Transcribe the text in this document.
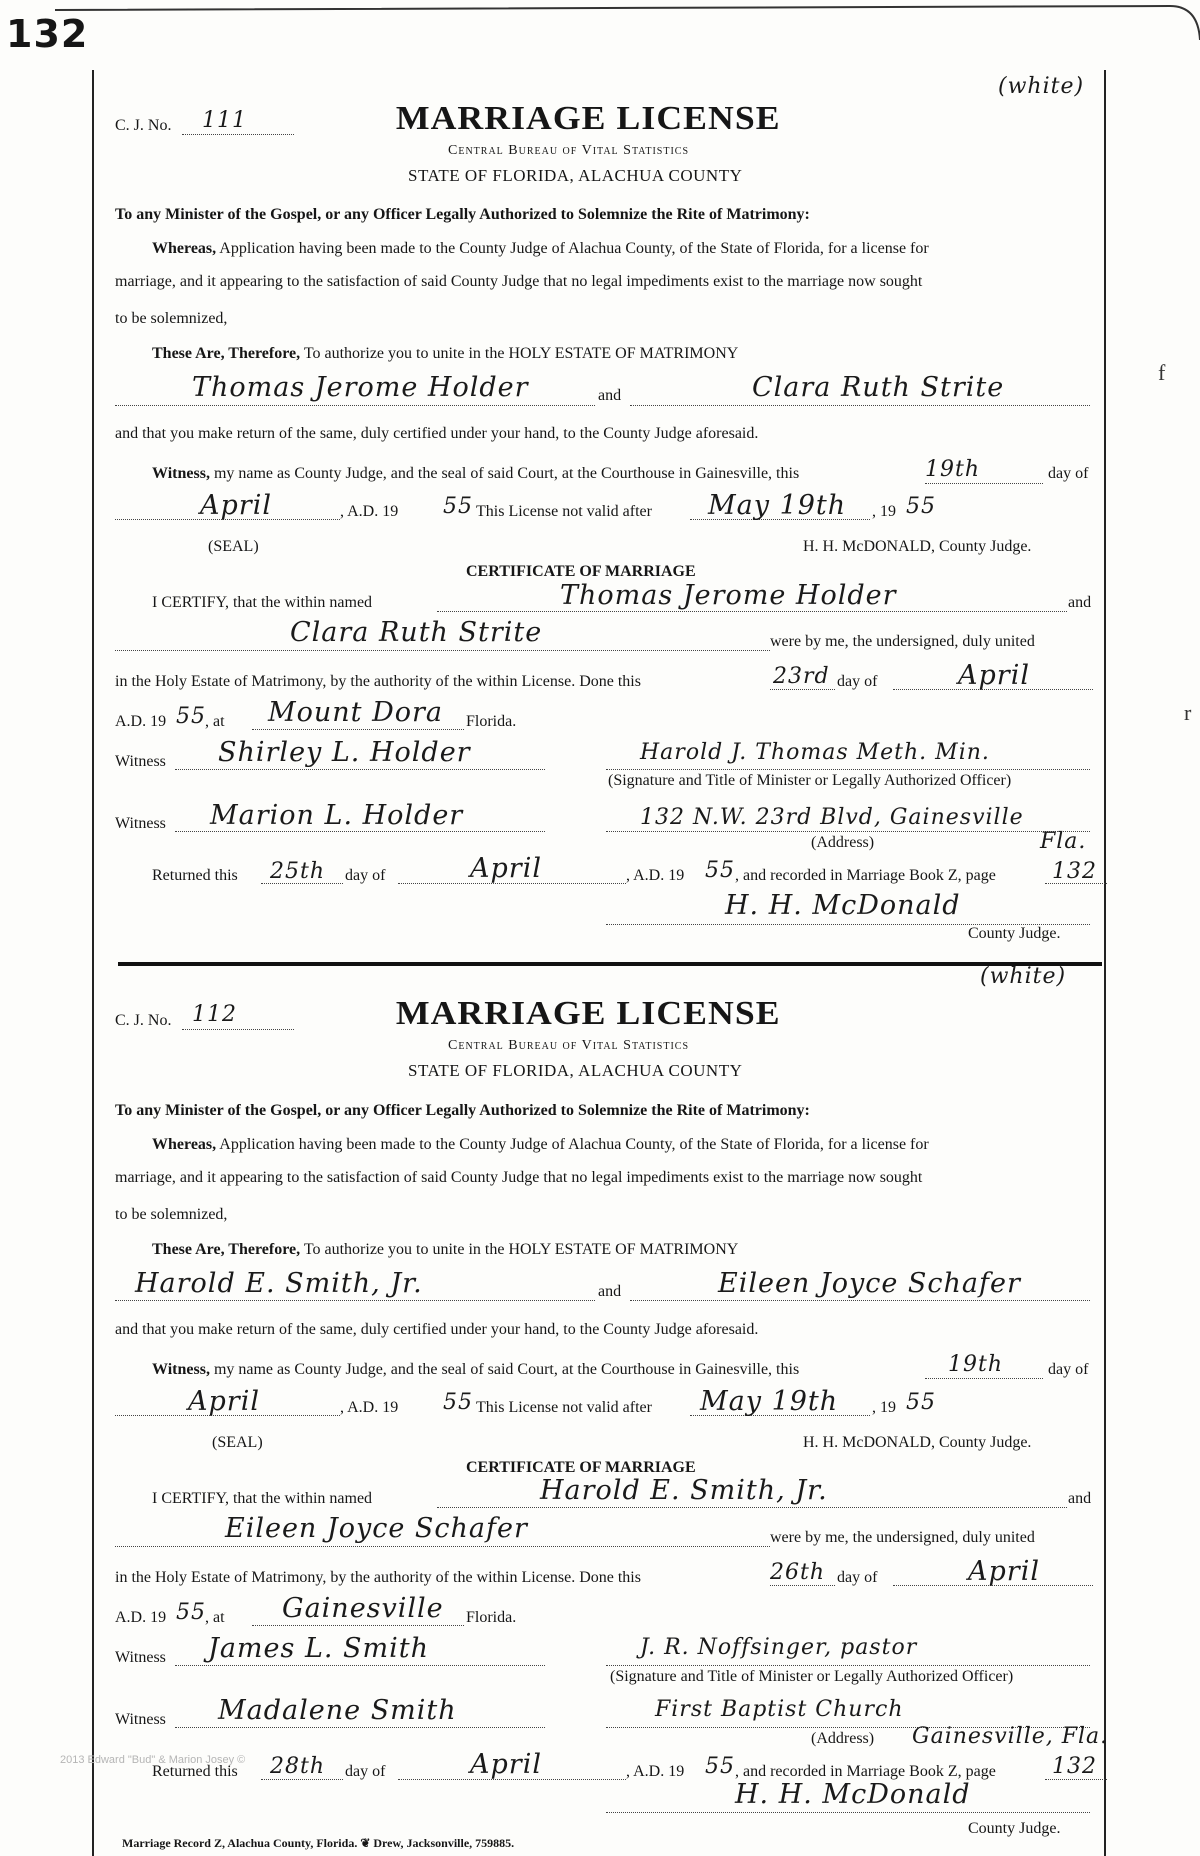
132
f
r
(white)
C. J. No. 111	MARRIAGE LICENSE
Central Bureau of Vital Statistics
STATE OF FLORIDA, ALACHUA COUNTY
To any Minister of the Gospel, or any Officer Legally Authorized to Solemnize the Rite of Matrimony:
Whereas, Application having been made to the County Judge of Alachua County, of the State of Florida, for a license for
marriage, and it appearing to the satisfaction of said County Judge that no legal impediments exist to the marriage now sought
to be solemnized,
These Are, Therefore, To authorize you to unite in the HOLY ESTATE OF MATRIMONY
Thomas Jerome Holder	and	Clara Ruth Strite
and that you make return of the same, duly certified under your hand, to the County Judge aforesaid.
Witness, my name as County Judge, and the seal of said Court, at the Courthouse in Gainesville, this	19th	day of
April	, A.D. 19 55 This License not valid after May 19th , 19 55
(SEAL)	H. H. McDONALD, County Judge.
CERTIFICATE OF MARRIAGE
I CERTIFY, that the within named	Thomas Jerome Holder	and
Clara Ruth Strite	were by me, the undersigned, duly united
in the Holy Estate of Matrimony, by the authority of the within License. Done this	23rd day of	April
A.D. 19 55 , at Mount Dora Florida.
Witness Shirley L. Holder	Harold J. Thomas Meth. Min.
(Signature and Title of Minister or Legally Authorized Officer)
Witness Marion L. Holder	132 N.W. 23rd Blvd, Gainesville
(Address)	Fla.
Returned this 25th day of	April	, A.D. 19 55 , and recorded in Marriage Book Z, page	132
H. H. McDonald
County Judge.
(white)
C. J. No. 112	MARRIAGE LICENSE
Central Bureau of Vital Statistics
STATE OF FLORIDA, ALACHUA COUNTY
To any Minister of the Gospel, or any Officer Legally Authorized to Solemnize the Rite of Matrimony:
Whereas, Application having been made to the County Judge of Alachua County, of the State of Florida, for a license for
marriage, and it appearing to the satisfaction of said County Judge that no legal impediments exist to the marriage now sought
to be solemnized,
These Are, Therefore, To authorize you to unite in the HOLY ESTATE OF MATRIMONY
Harold E. Smith, Jr.	and	Eileen Joyce Schafer
and that you make return of the same, duly certified under your hand, to the County Judge aforesaid.
Witness, my name as County Judge, and the seal of said Court, at the Courthouse in Gainesville, this	19th	day of
April	, A.D. 19 55 This License not valid after May 19th , 19 55
(SEAL)	H. H. McDONALD, County Judge.
CERTIFICATE OF MARRIAGE
I CERTIFY, that the within named	Harold E. Smith, Jr.	and
Eileen Joyce Schafer	were by me, the undersigned, duly united
in the Holy Estate of Matrimony, by the authority of the within License. Done this	26th day of	April
A.D. 19 55 , at Gainesville Florida.
Witness James L. Smith	J. R. Noffsinger, pastor
(Signature and Title of Minister or Legally Authorized Officer)
Witness Madalene Smith	First Baptist Church
(Address) Gainesville, Fla.
2013 Edward "Bud" & Marion Josey ©
Returned this 28th day of	April	, A.D. 19 55 , and recorded in Marriage Book Z, page	132
H. H. McDonald
County Judge.
Marriage Record Z, Alachua County, Florida. ❦ Drew, Jacksonville, 759885.
